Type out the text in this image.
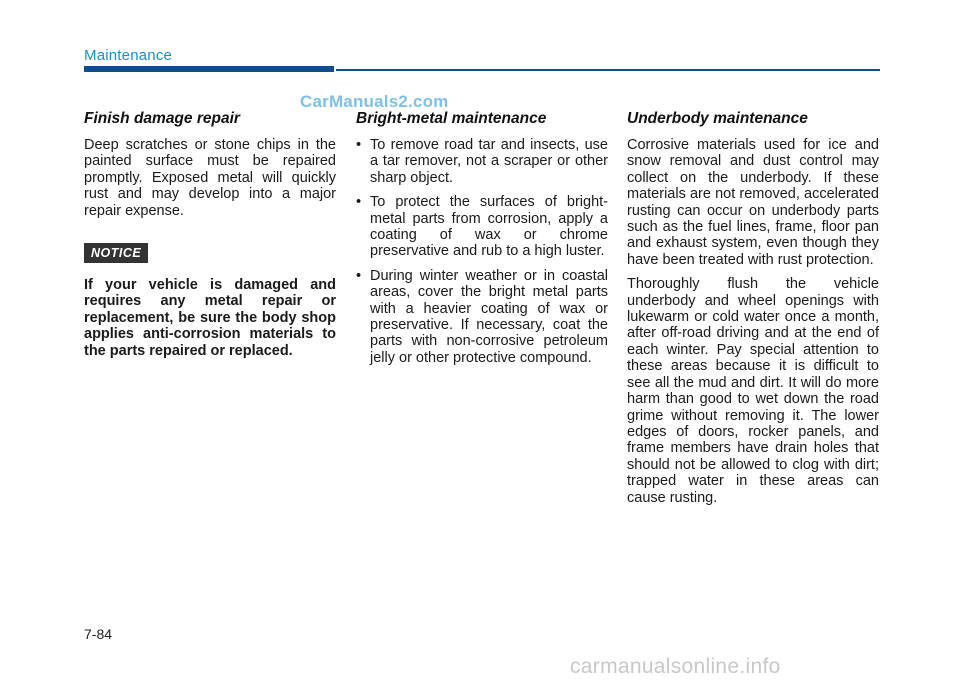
Maintenance
CarManuals2.com
Finish damage repair

Deep scratches or stone chips in the painted surface must be repaired promptly. Exposed metal will quickly rust and may develop into a major repair expense.

NOTICE

If your vehicle is damaged and requires any metal repair or replacement, be sure the body shop applies anti-corrosion materials to the parts repaired or replaced.

Bright-metal maintenance
• To remove road tar and insects, use a tar remover, not a scraper or other sharp object.
• To protect the surfaces of bright-metal parts from corrosion, apply a coating of wax or chrome preservative and rub to a high luster.
• During winter weather or in coastal areas, cover the bright metal parts with a heavier coating of wax or preservative. If necessary, coat the parts with non-corrosive petroleum jelly or other protective compound.
Underbody maintenance

Corrosive materials used for ice and snow removal and dust control may collect on the underbody. If these materials are not removed, accelerated rusting can occur on underbody parts such as the fuel lines, frame, floor pan and exhaust system, even though they have been treated with rust protection.

Thoroughly flush the vehicle underbody and wheel openings with lukewarm or cold water once a month, after off-road driving and at the end of each winter. Pay special attention to these areas because it is difficult to see all the mud and dirt. It will do more harm than good to wet down the road grime without removing it. The lower edges of doors, rocker panels, and frame members have drain holes that should not be allowed to clog with dirt; trapped water in these areas can cause rusting.

7-84
carmanualsonline.info
